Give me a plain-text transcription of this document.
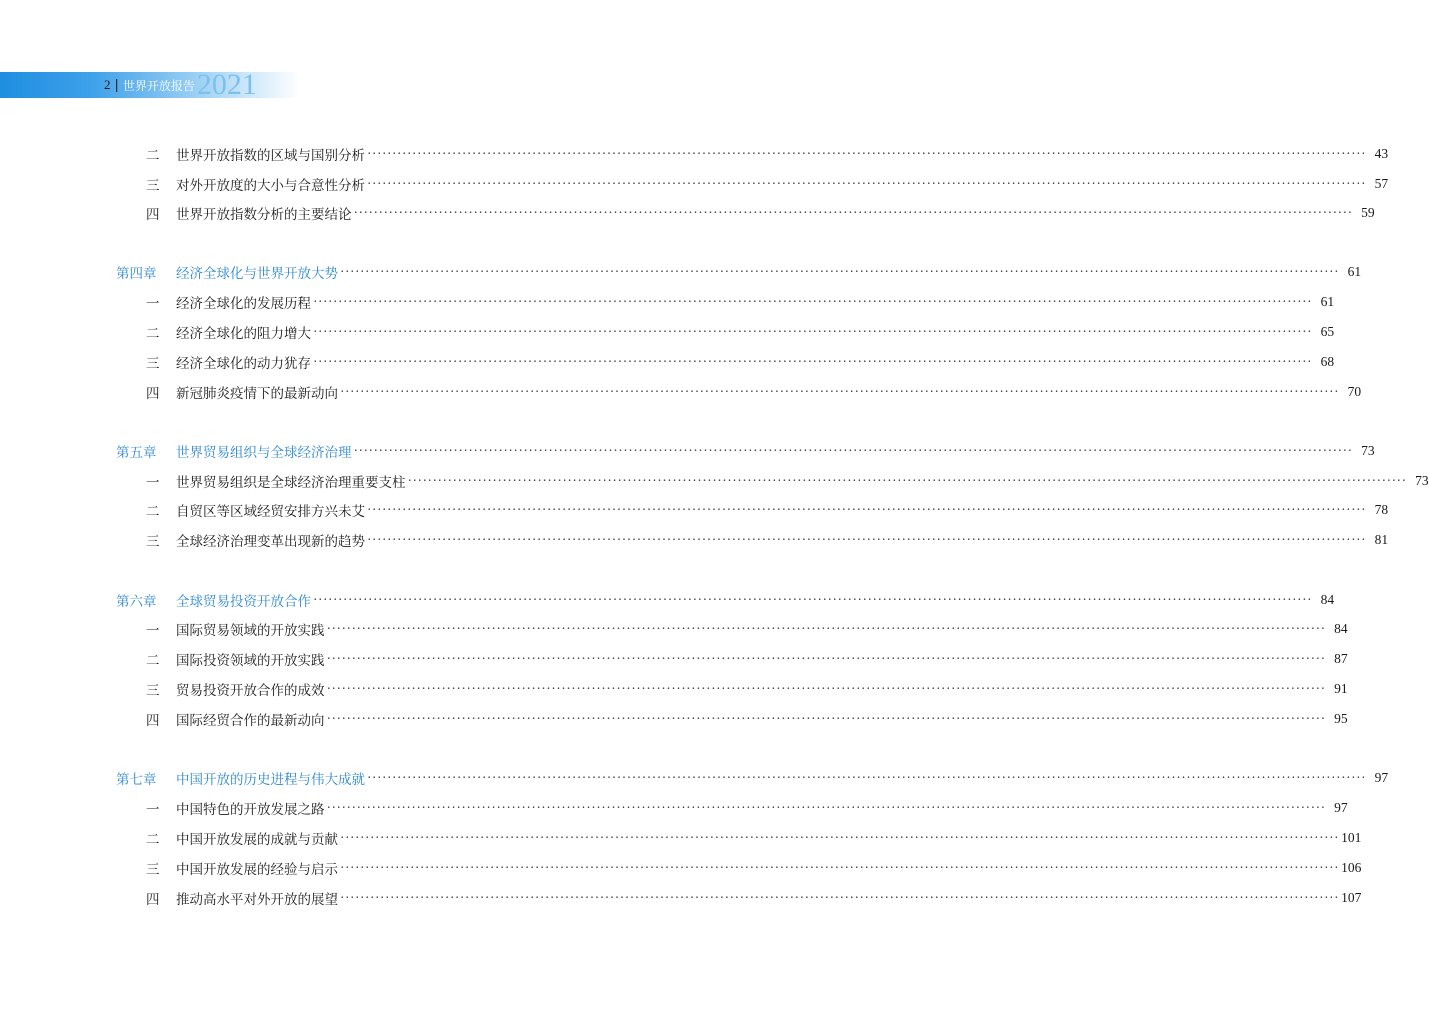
2 | 世界开放报告 2021
二	世界开放指数的区域与国别分析 ········································································································································································································ 43
三	对外开放度的大小与合意性分析 ········································································································································································································ 57
四	世界开放指数分析的主要结论 ········································································································································································································ 59
第四章	经济全球化与世界开放大势 ········································································································································································································ 61
一	经济全球化的发展历程 ········································································································································································································ 61
二	经济全球化的阻力增大 ········································································································································································································ 65
三	经济全球化的动力犹存 ········································································································································································································ 68
四	新冠肺炎疫情下的最新动向 ········································································································································································································ 70
第五章	世界贸易组织与全球经济治理 ········································································································································································································ 73
一	世界贸易组织是全球经济治理重要支柱 ········································································································································································································ 73
二	自贸区等区域经贸安排方兴未艾 ········································································································································································································ 78
三	全球经济治理变革出现新的趋势 ········································································································································································································ 81
第六章	全球贸易投资开放合作 ········································································································································································································ 84
一	国际贸易领域的开放实践 ········································································································································································································ 84
二	国际投资领域的开放实践 ········································································································································································································ 87
三	贸易投资开放合作的成效 ········································································································································································································ 91
四	国际经贸合作的最新动向 ········································································································································································································ 95
第七章	中国开放的历史进程与伟大成就 ········································································································································································································ 97
一	中国特色的开放发展之路 ········································································································································································································ 97
二	中国开放发展的成就与贡献 ········································································································································································································ 101
三	中国开放发展的经验与启示 ········································································································································································································ 106
四	推动高水平对外开放的展望 ········································································································································································································ 107
